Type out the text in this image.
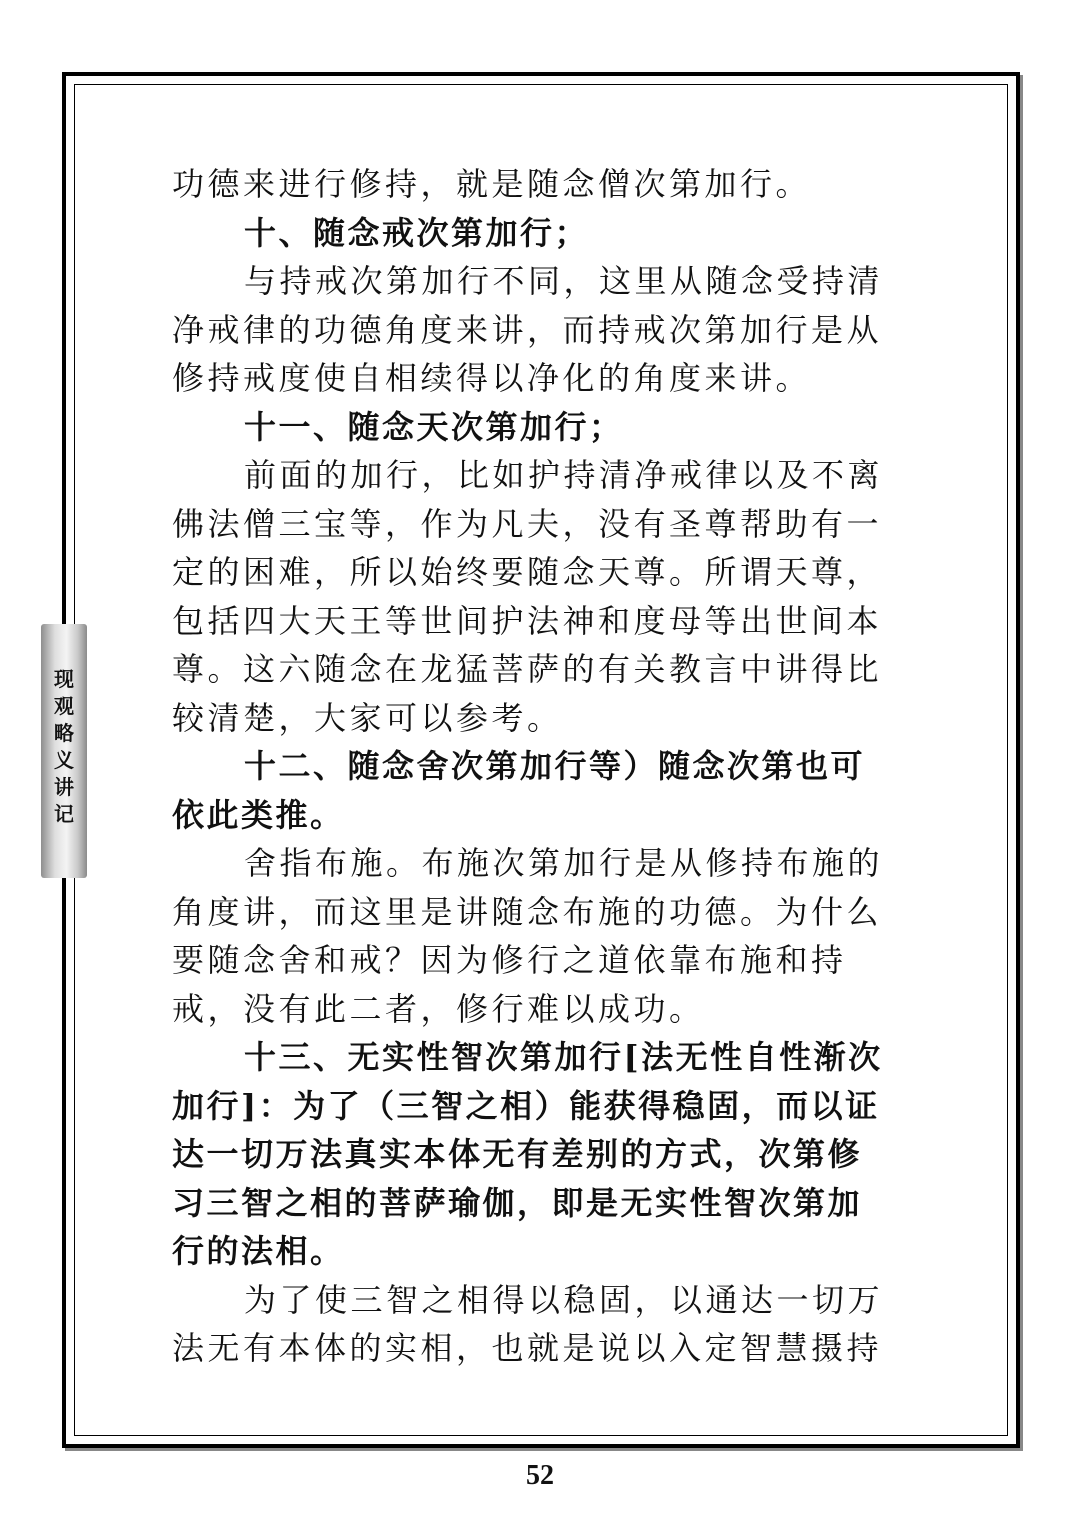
现
观
略
义
讲
记
功德来进行修持，就是随念僧次第加行。
十、随念戒次第加行；
与持戒次第加行不同，这里从随念受持清
净戒律的功德角度来讲，而持戒次第加行是从
修持戒度使自相续得以净化的角度来讲。
十一、随念天次第加行；
前面的加行，比如护持清净戒律以及不离
佛法僧三宝等，作为凡夫，没有圣尊帮助有一
定的困难，所以始终要随念天尊。所谓天尊，
包括四大天王等世间护法神和度母等出世间本
尊。这六随念在龙猛菩萨的有关教言中讲得比
较清楚，大家可以参考。
十二、随念舍次第加行等）随念次第也可
依此类推。
舍指布施。布施次第加行是从修持布施的
角度讲，而这里是讲随念布施的功德。为什么
要随念舍和戒？因为修行之道依靠布施和持
戒，没有此二者，修行难以成功。
十三、无实性智次第加行[法无性自性渐次
加行]：为了（三智之相）能获得稳固，而以证
达一切万法真实本体无有差别的方式，次第修
习三智之相的菩萨瑜伽，即是无实性智次第加
行的法相。
为了使三智之相得以稳固，以通达一切万
法无有本体的实相，也就是说以入定智慧摄持
52
